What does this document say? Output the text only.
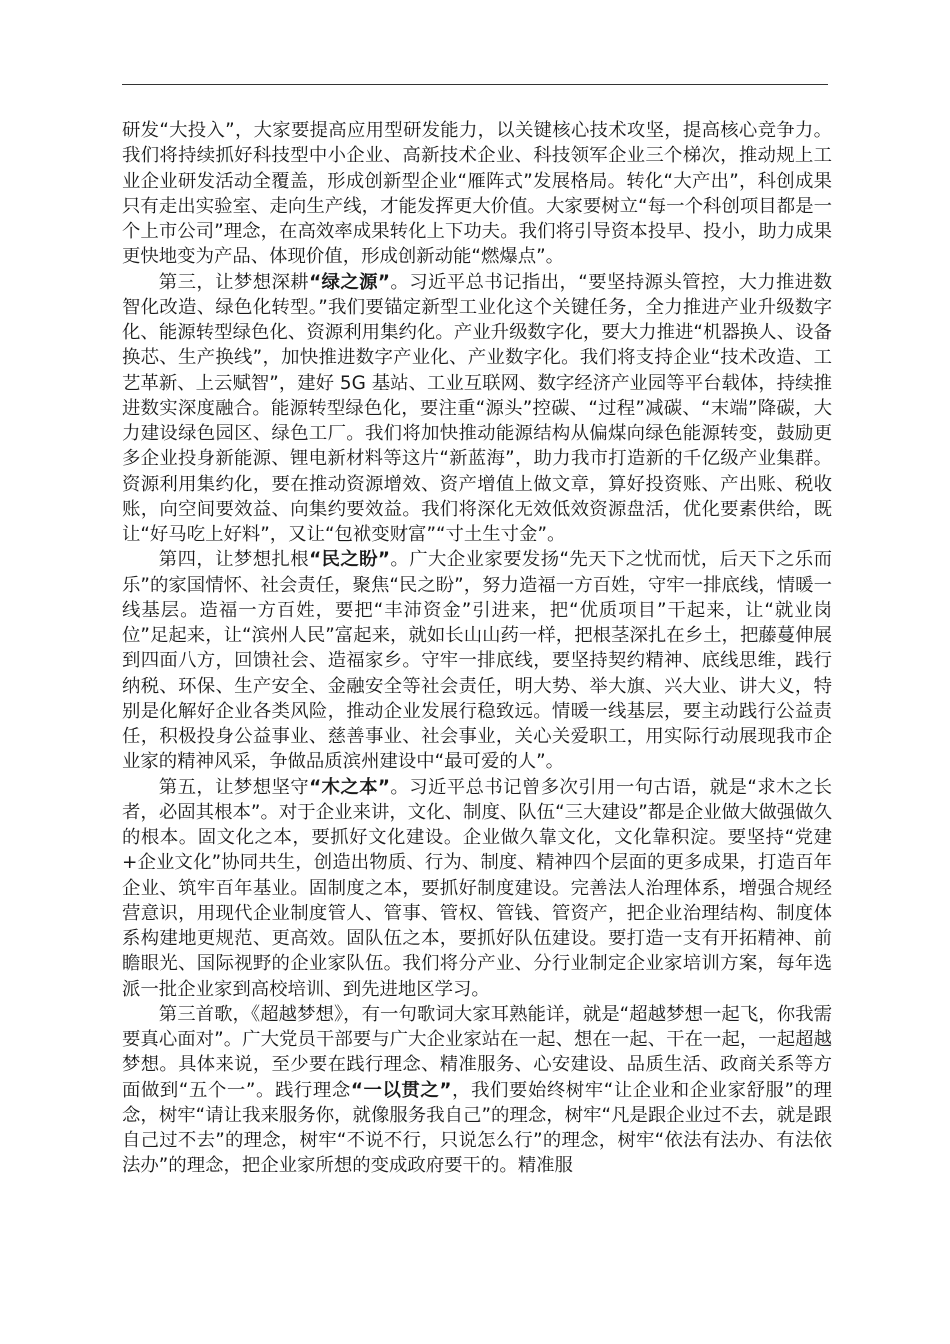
研发“大投入”，大家要提高应用型研发能力，以关键核心技术攻坚，提高核心竞争力。我们将持续抓好科技型中小企业、高新技术企业、科技领军企业三个梯次，推动规上工业企业研发活动全覆盖，形成创新型企业“雁阵式”发展格局。转化“大产出”，科创成果只有走出实验室、走向生产线，才能发挥更大价值。大家要树立“每一个科创项目都是一个上市公司”理念，在高效率成果转化上下功夫。我们将引导资本投早、投小，助力成果更快地变为产品、体现价值，形成创新动能“燃爆点”。

第三，让梦想深耕“绿之源”。习近平总书记指出，“要坚持源头管控，大力推进数智化改造、绿色化转型。”我们要锚定新型工业化这个关键任务，全力推进产业升级数字化、能源转型绿色化、资源利用集约化。产业升级数字化，要大力推进“机器换人、设备换芯、生产换线”，加快推进数字产业化、产业数字化。我们将支持企业“技术改造、工艺革新、上云赋智”，建好 5G 基站、工业互联网、数字经济产业园等平台载体，持续推进数实深度融合。能源转型绿色化，要注重“源头”控碳、“过程”减碳、“末端”降碳，大力建设绿色园区、绿色工厂。我们将加快推动能源结构从偏煤向绿色能源转变，鼓励更多企业投身新能源、锂电新材料等这片“新蓝海”，助力我市打造新的千亿级产业集群。资源利用集约化，要在推动资源增效、资产增值上做文章，算好投资账、产出账、税收账，向空间要效益、向集约要效益。我们将深化无效低效资源盘活，优化要素供给，既让“好马吃上好料”，又让“包袱变财富”“寸土生寸金”。

第四，让梦想扎根“民之盼”。广大企业家要发扬“先天下之忧而忧，后天下之乐而乐”的家国情怀、社会责任，聚焦“民之盼”，努力造福一方百姓，守牢一排底线，情暖一线基层。造福一方百姓，要把“丰沛资金”引进来，把“优质项目”干起来，让“就业岗位”足起来，让“滨州人民”富起来，就如长山山药一样，把根茎深扎在乡土，把藤蔓伸展到四面八方，回馈社会、造福家乡。守牢一排底线，要坚持契约精神、底线思维，践行纳税、环保、生产安全、金融安全等社会责任，明大势、举大旗、兴大业、讲大义，特别是化解好企业各类风险，推动企业发展行稳致远。情暖一线基层，要主动践行公益责任，积极投身公益事业、慈善事业、社会事业，关心关爱职工，用实际行动展现我市企业家的精神风采，争做品质滨州建设中“最可爱的人”。

第五，让梦想坚守“木之本”。习近平总书记曾多次引用一句古语，就是“求木之长者，必固其根本”。对于企业来讲，文化、制度、队伍“三大建设”都是企业做大做强做久的根本。固文化之本，要抓好文化建设。企业做久靠文化，文化靠积淀。要坚持“党建+企业文化”协同共生，创造出物质、行为、制度、精神四个层面的更多成果，打造百年企业、筑牢百年基业。固制度之本，要抓好制度建设。完善法人治理体系，增强合规经营意识，用现代企业制度管人、管事、管权、管钱、管资产，把企业治理结构、制度体系构建地更规范、更高效。固队伍之本，要抓好队伍建设。要打造一支有开拓精神、前瞻眼光、国际视野的企业家队伍。我们将分产业、分行业制定企业家培训方案，每年选派一批企业家到高校培训、到先进地区学习。

第三首歌，《超越梦想》，有一句歌词大家耳熟能详，就是“超越梦想一起飞，你我需要真心面对”。广大党员干部要与广大企业家站在一起、想在一起、干在一起，一起超越梦想。具体来说，至少要在践行理念、精准服务、心安建设、品质生活、政商关系等方面做到“五个一”。践行理念“一以贯之”，我们要始终树牢“让企业和企业家舒服”的理念，树牢“请让我来服务你，就像服务我自己”的理念，树牢“凡是跟企业过不去，就是跟自己过不去”的理念，树牢“不说不行，只说怎么行”的理念，树牢“依法有法办、有法依法办”的理念，把企业家所想的变成政府要干的。精准服
